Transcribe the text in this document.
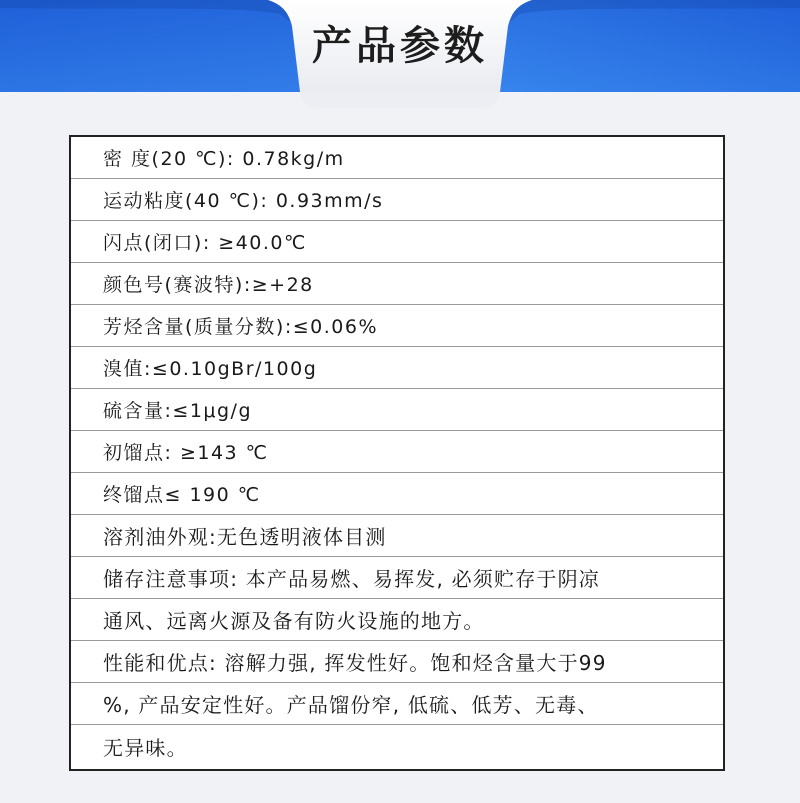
产品参数
密 度(20 ℃): 0.78kg/m
运动粘度(40 ℃): 0.93mm/s
闪点(闭口): ≥40.0℃
颜色号(赛波特):≥+28
芳烃含量(质量分数):≤0.06%
溴值:≤0.10gBr/100g
硫含量:≤1μg/g
初馏点: ≥143 ℃
终馏点≤ 190 ℃
溶剂油外观:无色透明液体目测
储存注意事项: 本产品易燃、易挥发, 必须贮存于阴凉
通风、远离火源及备有防火设施的地方。
性能和优点: 溶解力强, 挥发性好。饱和烃含量大于99
%, 产品安定性好。产品馏份窄, 低硫、低芳、无毒、
无异味。
